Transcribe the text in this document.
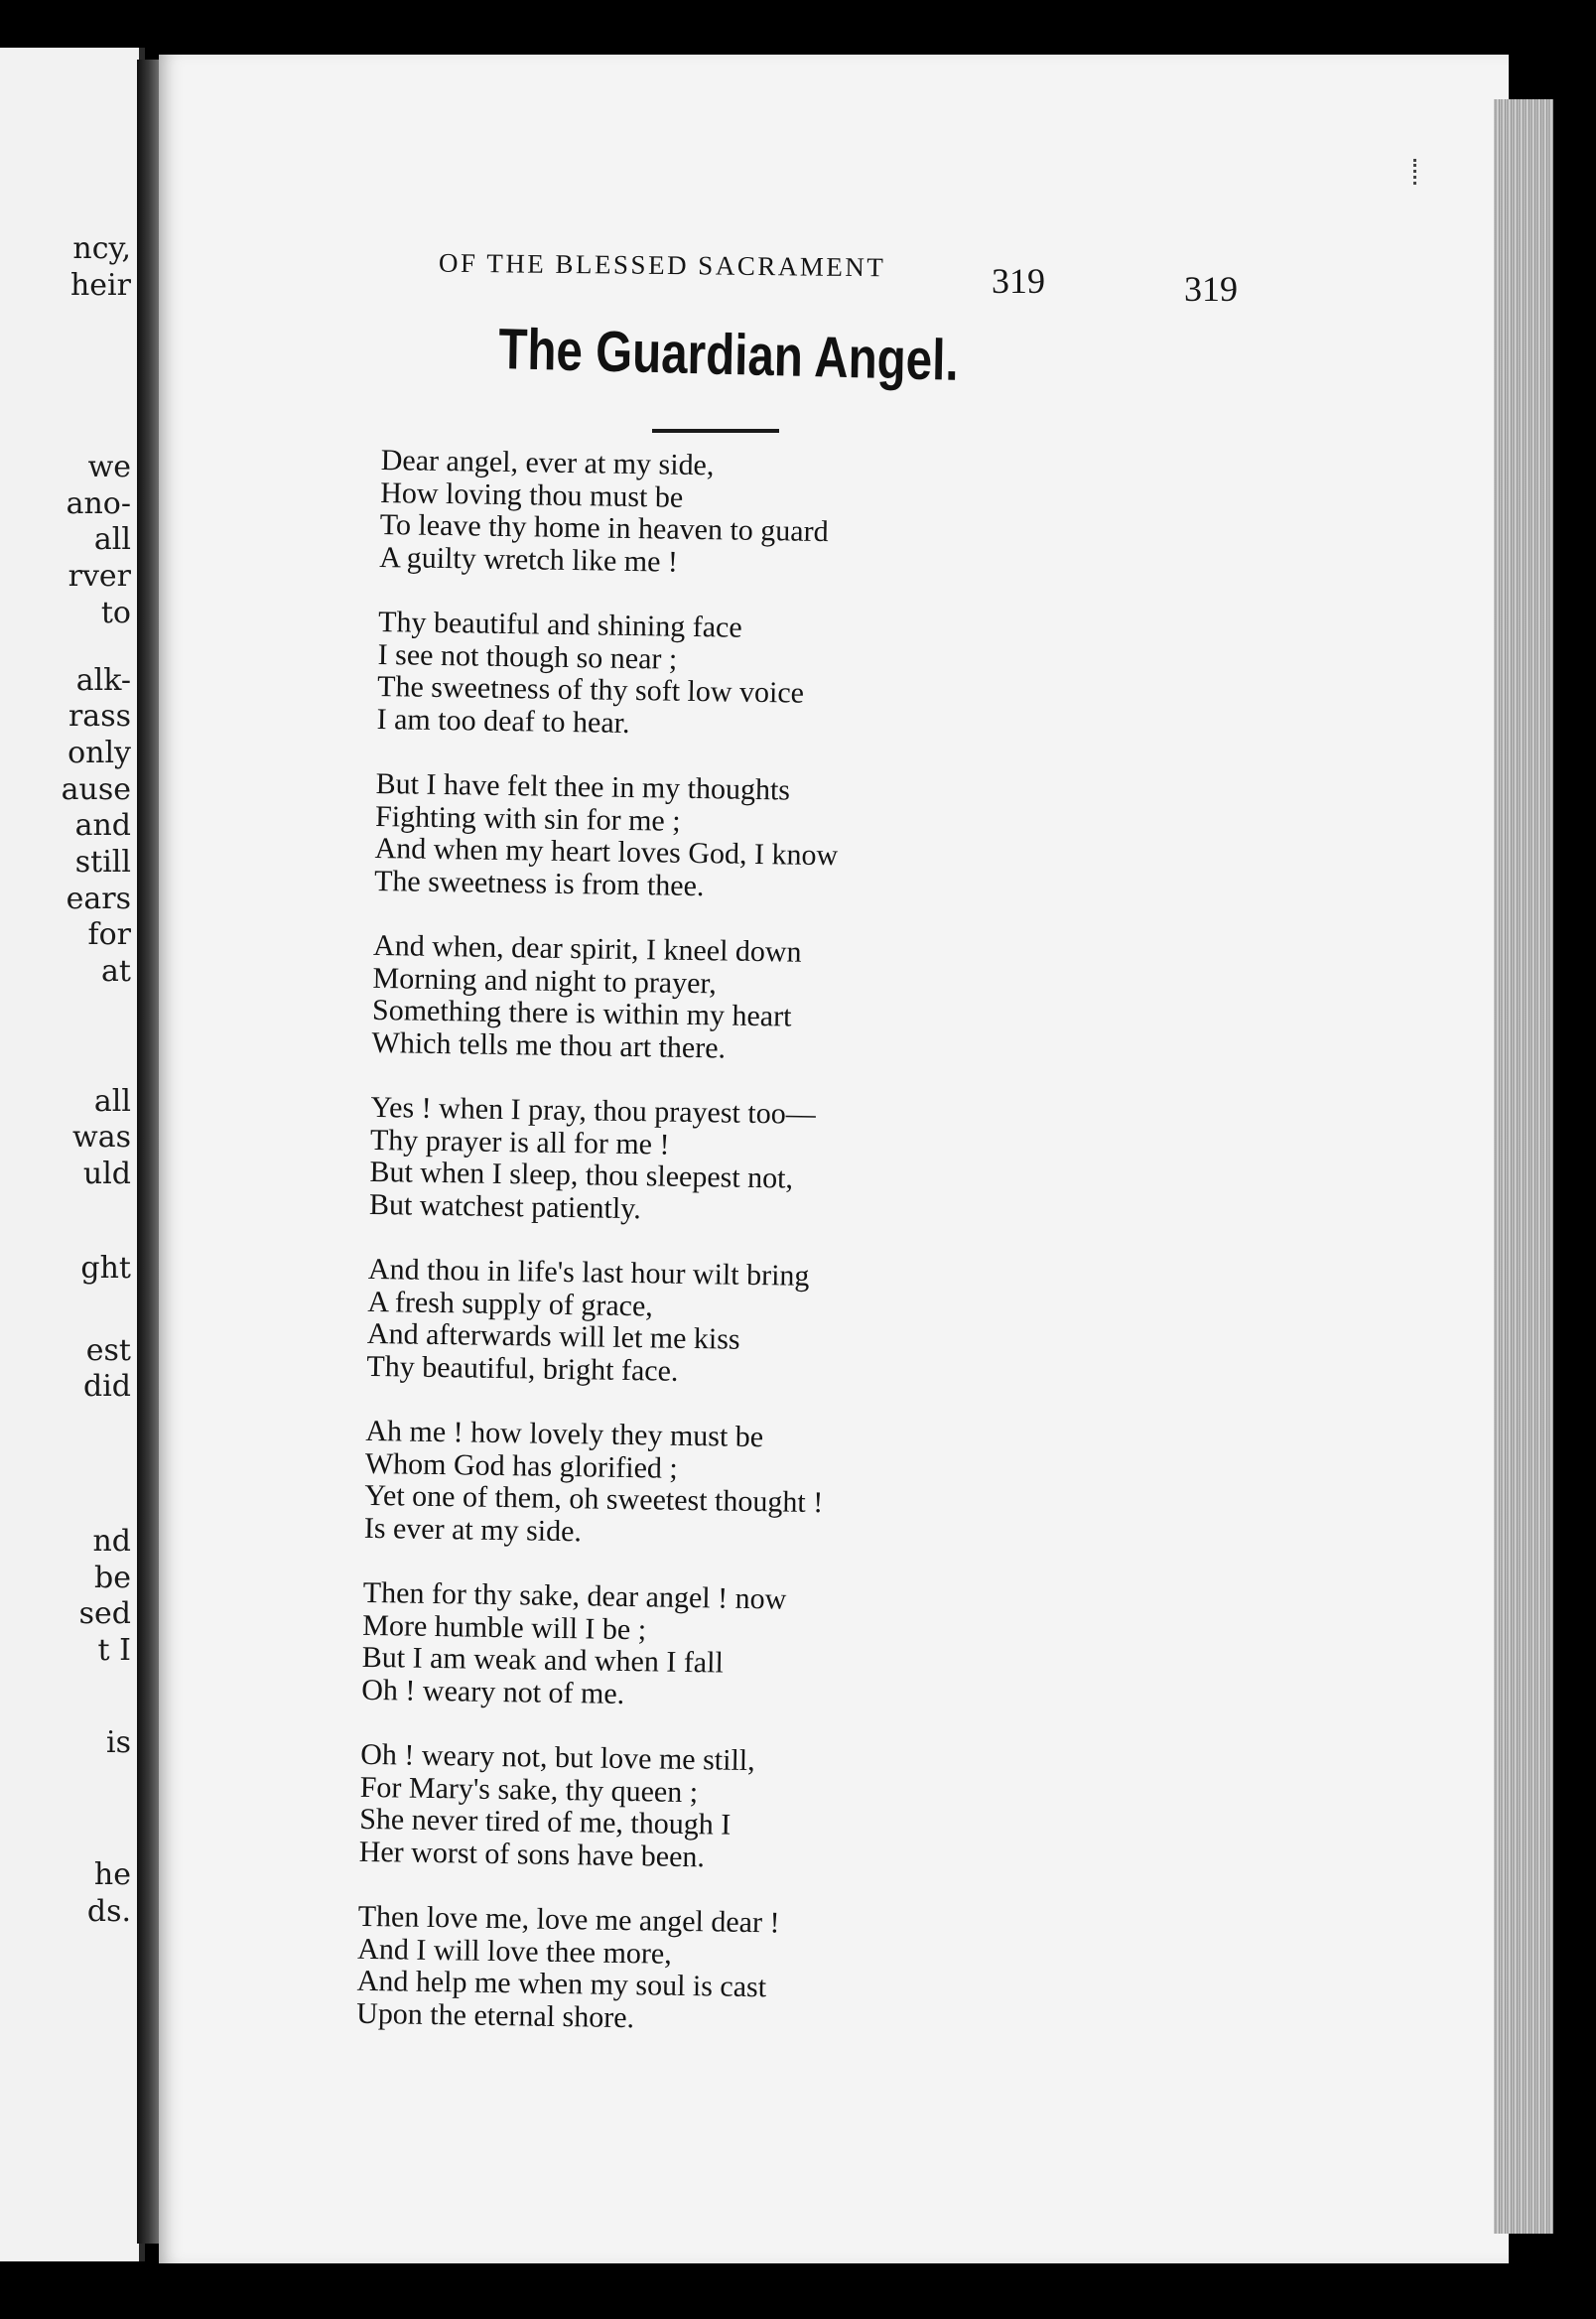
ncy,
heir
we
ano-
all
rver
to
alk-
rass
only
ause
and
still
ears
for
at
all
was
uld
ght
est
did
nd
be
sed
t I
is
he
ds.
OF THE BLESSED SACRAMENT	319	319
The Guardian Angel.
Dear angel, ever at my side,
How loving thou must be
To leave thy home in heaven to guard
A guilty wretch like me !
Thy beautiful and shining face
I see not though so near ;
The sweetness of thy soft low voice
I am too deaf to hear.
But I have felt thee in my thoughts
Fighting with sin for me ;
And when my heart loves God, I know
The sweetness is from thee.
And when, dear spirit, I kneel down
Morning and night to prayer,
Something there is within my heart
Which tells me thou art there.
Yes ! when I pray, thou prayest too—
Thy prayer is all for me !
But when I sleep, thou sleepest not,
But watchest patiently.
And thou in life's last hour wilt bring
A fresh supply of grace,
And afterwards will let me kiss
Thy beautiful, bright face.
Ah me ! how lovely they must be
Whom God has glorified ;
Yet one of them, oh sweetest thought !
Is ever at my side.
Then for thy sake, dear angel ! now
More humble will I be ;
But I am weak and when I fall
Oh ! weary not of me.
Oh ! weary not, but love me still,
For Mary's sake, thy queen ;
She never tired of me, though I
Her worst of sons have been.
Then love me, love me angel dear !
And I will love thee more,
And help me when my soul is cast
Upon the eternal shore.
